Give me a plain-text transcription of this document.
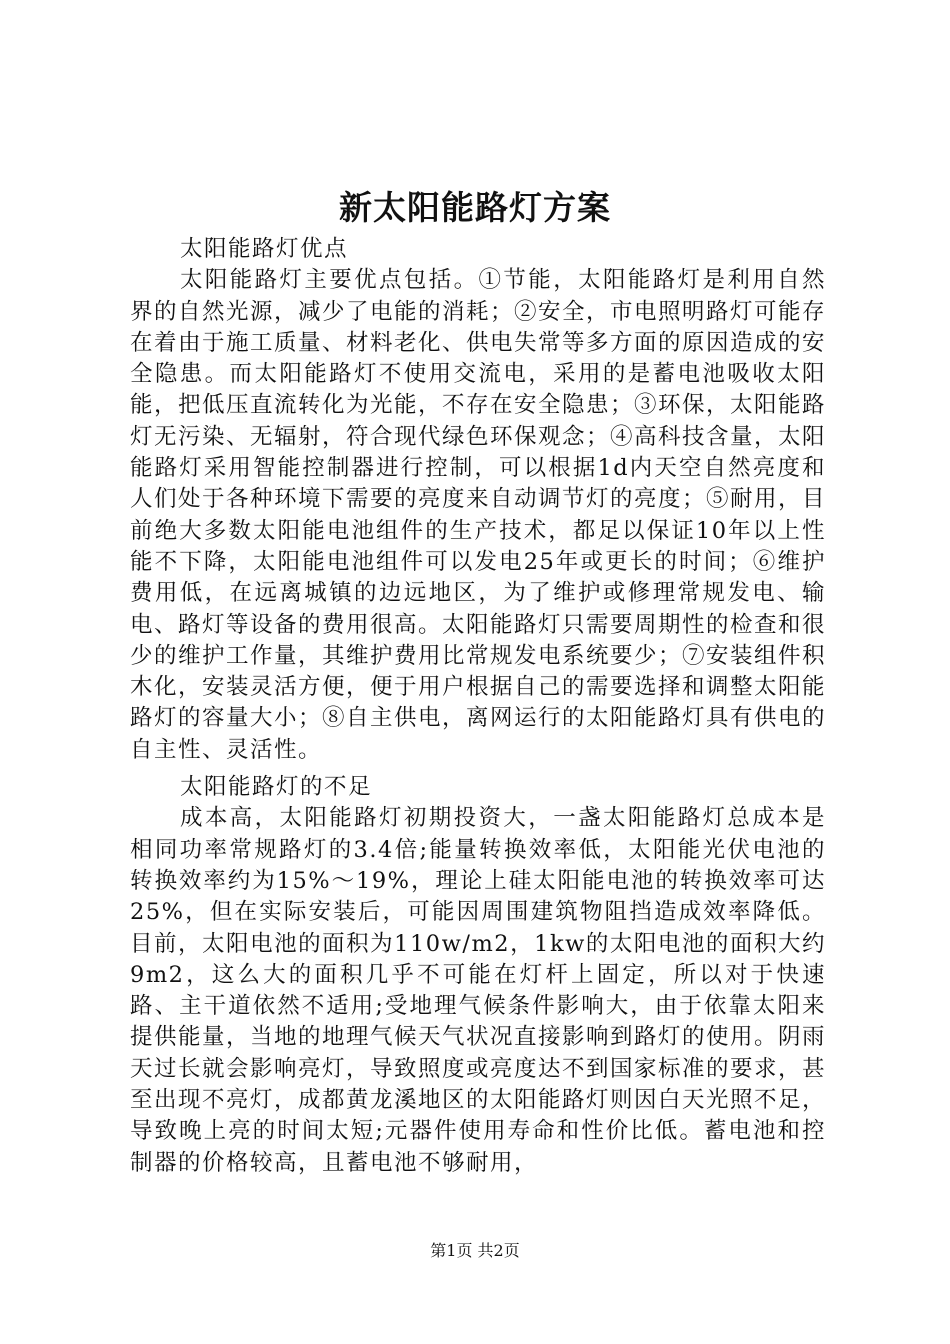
新太阳能路灯方案
太阳能路灯优点

太阳能路灯主要优点包括。①节能，太阳能路灯是利用自然界的自然光源，减少了电能的消耗；②安全，市电照明路灯可能存在着由于施工质量、材料老化、供电失常等多方面的原因造成的安全隐患。而太阳能路灯不使用交流电，采用的是蓄电池吸收太阳能，把低压直流转化为光能，不存在安全隐患；③环保，太阳能路灯无污染、无辐射，符合现代绿色环保观念；④高科技含量，太阳能路灯采用智能控制器进行控制，可以根据1d内天空自然亮度和人们处于各种环境下需要的亮度来自动调节灯的亮度；⑤耐用，目前绝大多数太阳能电池组件的生产技术，都足以保证10年以上性能不下降，太阳能电池组件可以发电25年或更长的时间；⑥维护费用低，在远离城镇的边远地区，为了维护或修理常规发电、输电、路灯等设备的费用很高。太阳能路灯只需要周期性的检查和很少的维护工作量，其维护费用比常规发电系统要少；⑦安装组件积木化，安装灵活方便，便于用户根据自己的需要选择和调整太阳能路灯的容量大小；⑧自主供电，离网运行的太阳能路灯具有供电的自主性、灵活性。

太阳能路灯的不足

成本高，太阳能路灯初期投资大，一盏太阳能路灯总成本是相同功率常规路灯的3.4倍;能量转换效率低，太阳能光伏电池的转换效率约为15%～19%，理论上硅太阳能电池的转换效率可达25%，但在实际安装后，可能因周围建筑物阻挡造成效率降低。目前，太阳电池的面积为110w/m2，1kw的太阳电池的面积大约9m2，这么大的面积几乎不可能在灯杆上固定，所以对于快速路、主干道依然不适用;受地理气候条件影响大，由于依靠太阳来提供能量，当地的地理气候天气状况直接影响到路灯的使用。阴雨天过长就会影响亮灯，导致照度或亮度达不到国家标准的要求，甚至出现不亮灯，成都黄龙溪地区的太阳能路灯则因白天光照不足，导致晚上亮的时间太短;元器件使用寿命和性价比低。蓄电池和控制器的价格较高，且蓄电池不够耐用，

第1页 共2页
